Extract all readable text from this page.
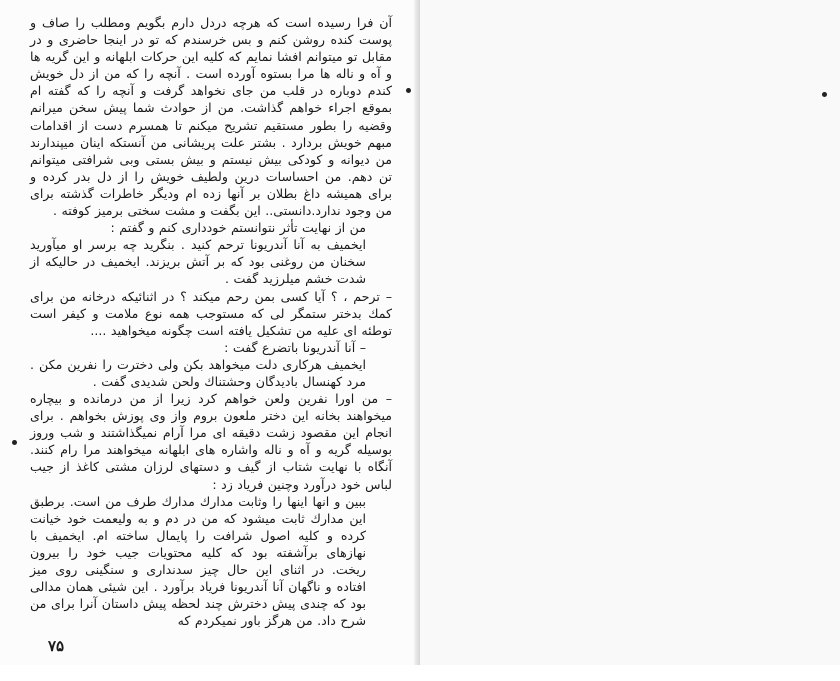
آن فرا رسیده است که هرچه دردل دارم بگویم ومطلب را صاف و پوست کنده روشن کنم و بس خرسندم که تو در اینجا حاضری و در مقابل تو میتوانم افشا نمایم که کلیه این حرکات ابلهانه و این گریه ها و آه و ناله ها مرا بستوه آورده است . آنچه را که من از دل خویش کندم دوباره در قلب من جای نخواهد گرفت و آنچه را که گفته ام بموقع اجراء خواهم گذاشت. من از حوادث شما پیش سخن میرانم وقضیه را بطور مستقیم تشریح میکنم تا همسرم دست از اقدامات مبهم خویش بردارد . بشتر علت پریشانی من آنستکه اینان میپندارند من دیوانه و کودکی بیش نیستم و بیش بستی وبی شرافتی میتوانم تن دهم. من احساسات درین ولطیف خویش را از دل بدر کرده و برای همیشه داغ بطلان بر آنها زده ام ودیگر خاطرات گذشته برای من وجود ندارد.دانستی.. این بگفت و مشت سختی برمیز کوفته .

من از نهایت تأثر نتوانستم خودداری کنم و گفتم :

ایخمیف به آنا آندریونا ترحم کنید . بنگرید چه برسر او میآورید سخنان من روغنی بود که بر آتش بریزند. ایخمیف در حالیکه از شدت خشم میلرزید گفت .

– ترحم ، ؟ آیا کسی بمن رحم میکند ؟ در اثنائیکه درخانه من برای کمك بدختر ستمگر لی که مستوجب همه نوع ملامت و کیفر است توطئه ای علیه من تشکیل یافته است چگونه میخواهید ....

– آنا آندریونا باتضرع گفت :

ایخمیف هرکاری دلت میخواهد بکن ولی دخترت را نفرین مکن . مرد کهنسال بادیدگان وحشتناك ولحن شدیدی گفت .

– من اورا نفرین ولعن خواهم کرد زیرا از من درمانده و بیچاره میخواهند بخانه این دختر ملعون بروم واز وی پوزش بخواهم . برای انجام این مقصود زشت دقیقه ای مرا آرام نمیگذاشتند و شب وروز بوسیله گریه و آه و ناله واشاره های ابلهانه میخواهند مرا رام کنند. آنگاه با نهایت شتاب از گیف و دستهای لرزان مشتی کاغذ از جیب لباس خود درآورد وچنین فریاد زد :

ببین و انها اینها را وثابت مدارك مدارك طرف من است. برطبق این مدارك ثابت میشود که من در دم و به ولیعمت خود خیانت کرده و کلیه اصول شرافت را پایمال ساخته ام. ایخمیف با نهازهای برآشفته بود که کلیه محتویات جیب خود را بیرون ریخت. در اثنای این حال چیز سدنداری و سنگینی روی میز افتاده و ناگهان آنا آندریونا فریاد برآورد . این شیئی همان مدالی بود که چندی پیش دخترش چند لحظه پیش داستان آنرا برای من شرح داد. من هرگز باور نمیکردم که

۷۵
